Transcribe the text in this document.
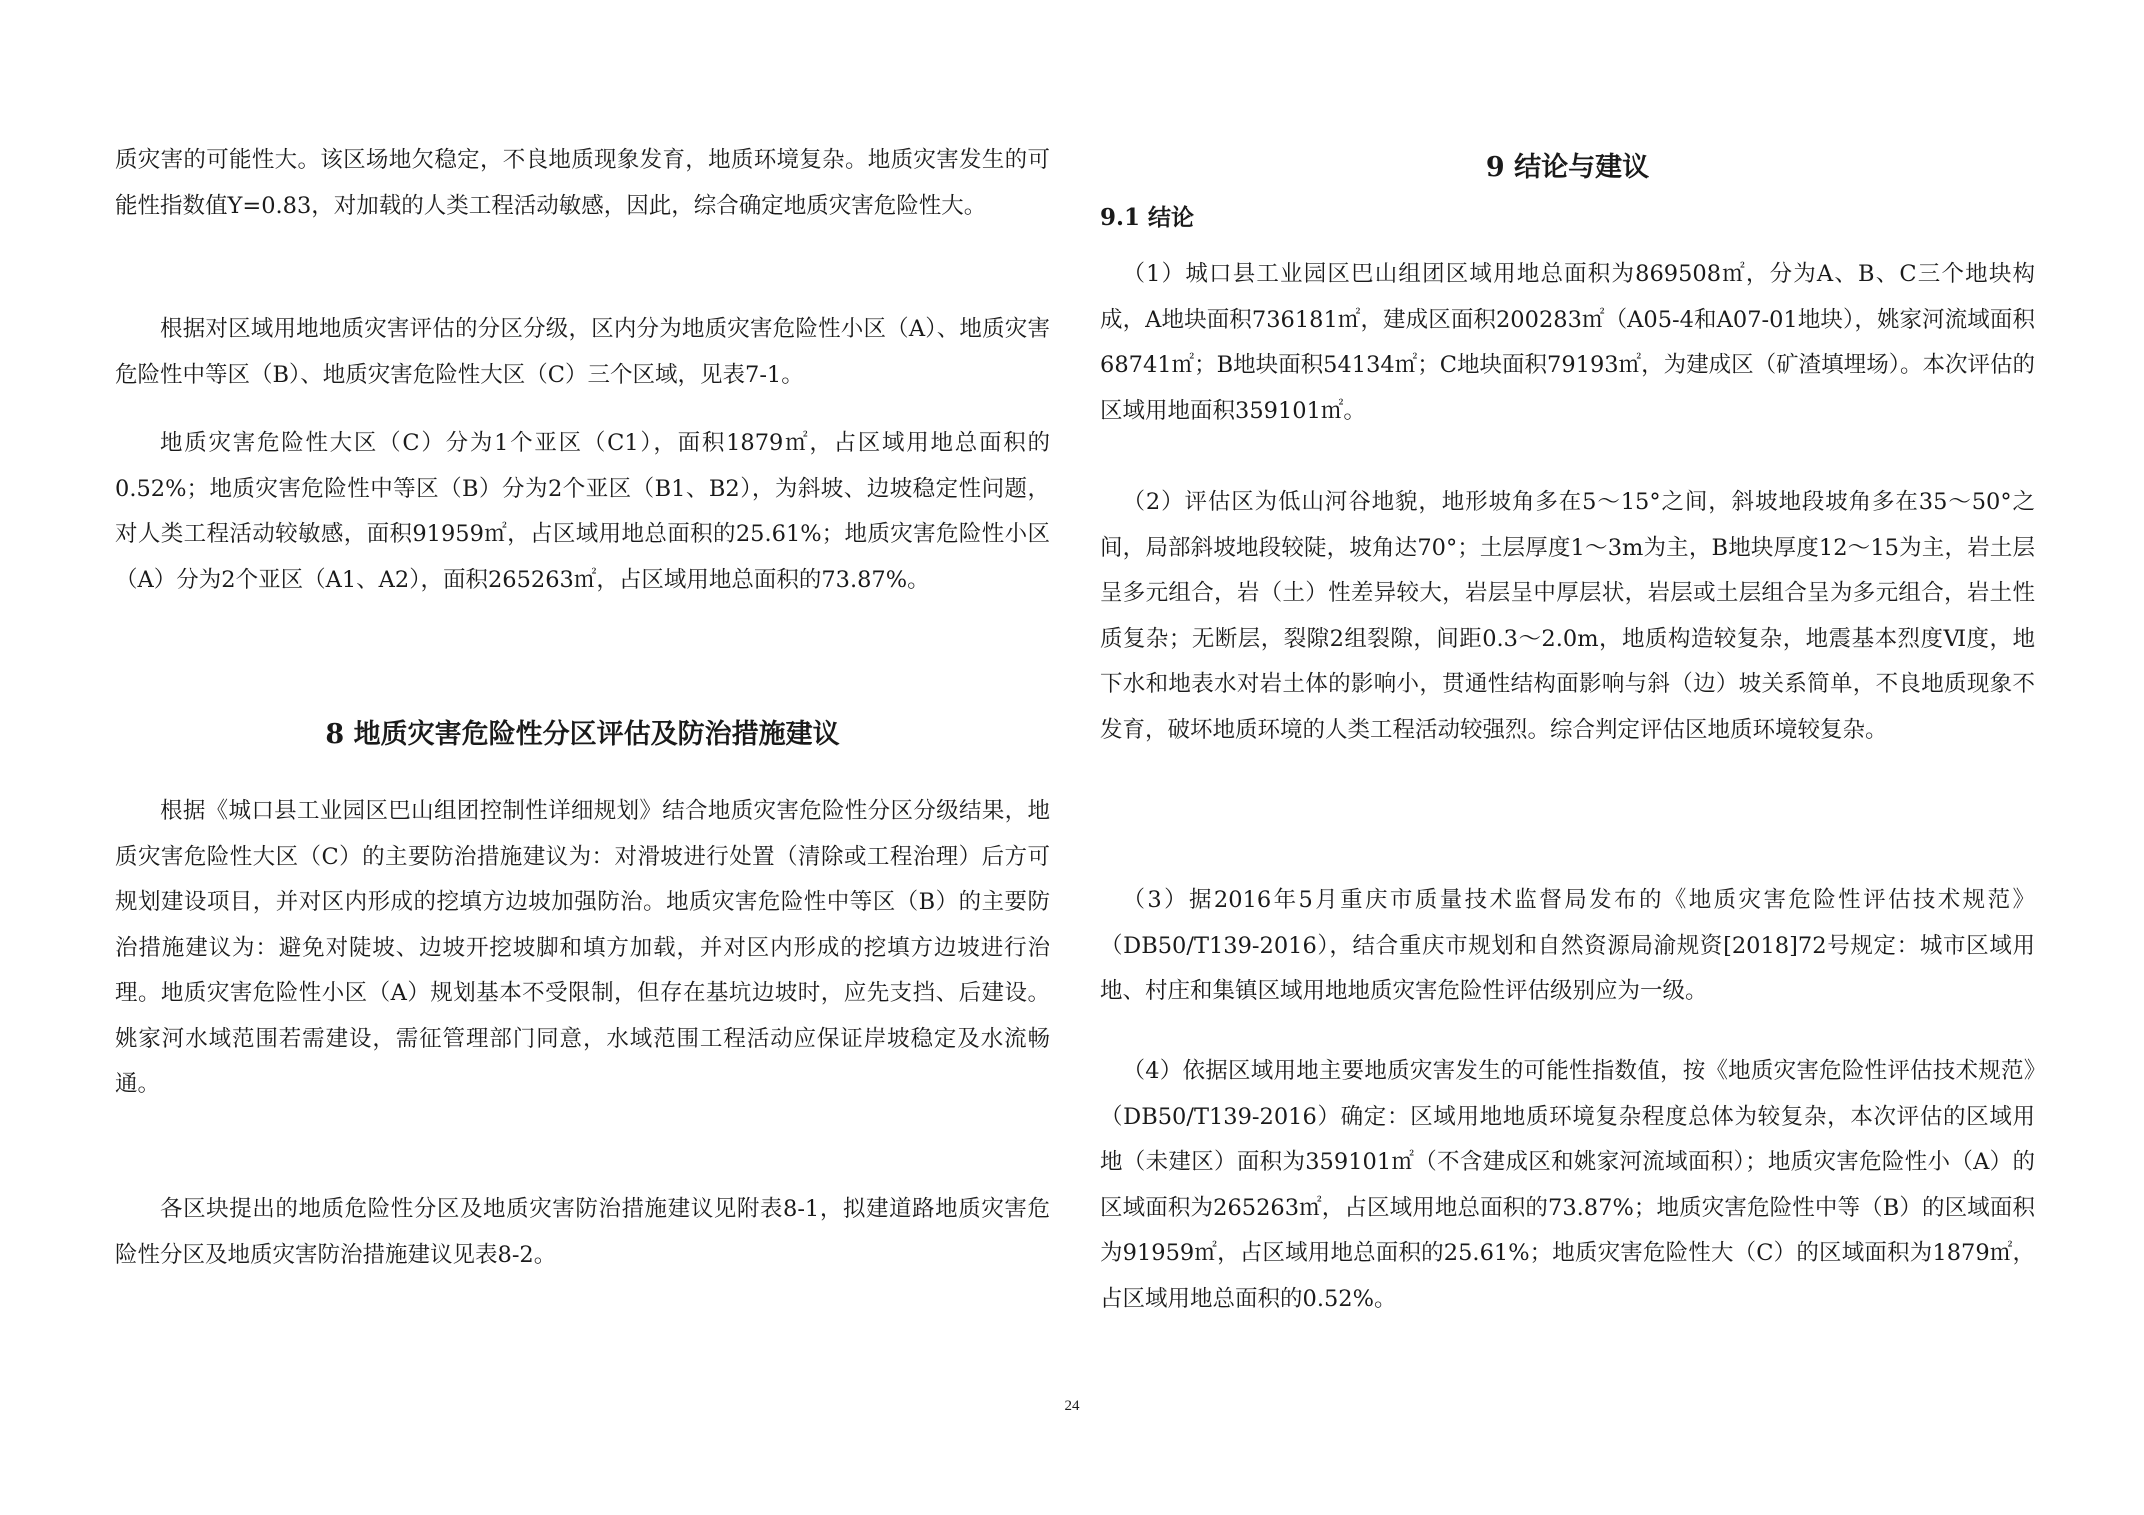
质灾害的可能性大。该区场地欠稳定，不良地质现象发育，地质环境复杂。地质灾害发生的可能性指数值Y=0.83，对加载的人类工程活动敏感，因此，综合确定地质灾害危险性大。

根据对区域用地地质灾害评估的分区分级，区内分为地质灾害危险性小区（A）、地质灾害危险性中等区（B）、地质灾害危险性大区（C）三个区域，见表7-1。

地质灾害危险性大区（C）分为1个亚区（C1），面积1879㎡，占区域用地总面积的0.52%；地质灾害危险性中等区（B）分为2个亚区（B1、B2），为斜坡、边坡稳定性问题，对人类工程活动较敏感，面积91959㎡，占区域用地总面积的25.61%；地质灾害危险性小区（A）分为2个亚区（A1、A2），面积265263㎡，占区域用地总面积的73.87%。

8 地质灾害危险性分区评估及防治措施建议

根据《城口县工业园区巴山组团控制性详细规划》结合地质灾害危险性分区分级结果，地质灾害危险性大区（C）的主要防治措施建议为：对滑坡进行处置（清除或工程治理）后方可规划建设项目，并对区内形成的挖填方边坡加强防治。地质灾害危险性中等区（B）的主要防治措施建议为：避免对陡坡、边坡开挖坡脚和填方加载，并对区内形成的挖填方边坡进行治理。地质灾害危险性小区（A）规划基本不受限制，但存在基坑边坡时，应先支挡、后建设。姚家河水域范围若需建设，需征管理部门同意，水域范围工程活动应保证岸坡稳定及水流畅通。

各区块提出的地质危险性分区及地质灾害防治措施建议见附表8-1，拟建道路地质灾害危险性分区及地质灾害防治措施建议见表8-2。

9 结论与建议
9.1 结论

（1）城口县工业园区巴山组团区域用地总面积为869508㎡，分为A、B、C三个地块构成，A地块面积736181㎡，建成区面积200283㎡（A05-4和A07-01地块），姚家河流域面积68741㎡；B地块面积54134㎡；C地块面积79193㎡，为建成区（矿渣填埋场）。本次评估的区域用地面积359101㎡。

（2）评估区为低山河谷地貌，地形坡角多在5～15°之间，斜坡地段坡角多在35～50°之间，局部斜坡地段较陡，坡角达70°；土层厚度1～3m为主，B地块厚度12～15为主，岩土层呈多元组合，岩（土）性差异较大，岩层呈中厚层状，岩层或土层组合呈为多元组合，岩土性质复杂；无断层，裂隙2组裂隙，间距0.3～2.0m，地质构造较复杂，地震基本烈度Ⅵ度，地下水和地表水对岩土体的影响小，贯通性结构面影响与斜（边）坡关系简单，不良地质现象不发育，破坏地质环境的人类工程活动较强烈。综合判定评估区地质环境较复杂。

（3）据2016年5月重庆市质量技术监督局发布的《地质灾害危险性评估技术规范》（DB50/T139-2016），结合重庆市规划和自然资源局渝规资[2018]72号规定：城市区域用地、村庄和集镇区域用地地质灾害危险性评估级别应为一级。

（4）依据区域用地主要地质灾害发生的可能性指数值，按《地质灾害危险性评估技术规范》（DB50/T139-2016）确定：区域用地地质环境复杂程度总体为较复杂，本次评估的区域用地（未建区）面积为359101㎡（不含建成区和姚家河流域面积）；地质灾害危险性小（A）的区域面积为265263㎡，占区域用地总面积的73.87%；地质灾害危险性中等（B）的区域面积为91959㎡，占区域用地总面积的25.61%；地质灾害危险性大（C）的区域面积为1879㎡，占区域用地总面积的0.52%。

24
